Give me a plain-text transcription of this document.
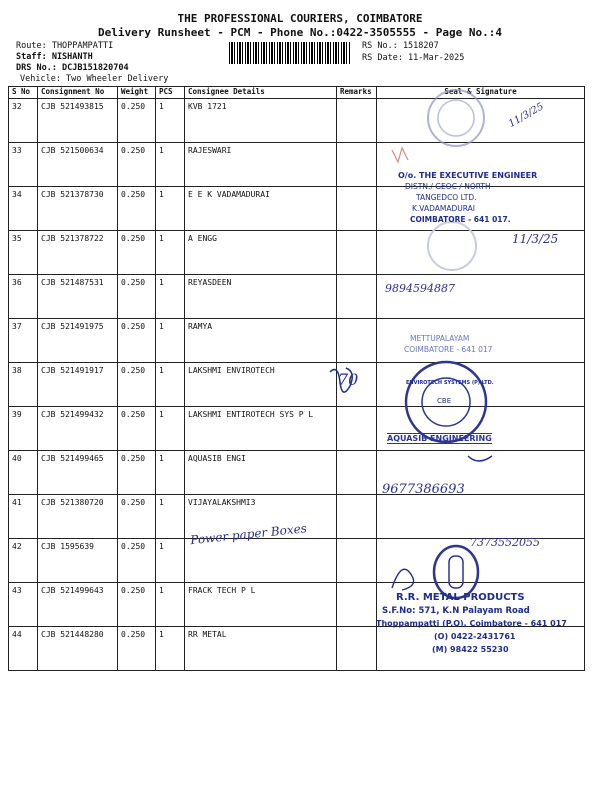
THE PROFESSIONAL COURIERS, COIMBATORE
Delivery Runsheet - PCM - Phone No.:0422-3505555 - Page No.:4
Route: THOPPAMPATTI
Staff: NISHANTH
DRS No.: DCJB151820704
Vehicle: Two Wheeler Delivery
RS No.: 1518207
RS Date: 11-Mar-2025
S No	Consignment No	Weight	PCS	Consignee Details	Remarks	Seal & Signature
32	CJB 521493815	0.250	1	KVB 1721		
33	CJB 521500634	0.250	1	RAJESWARI		
34	CJB 521378730	0.250	1	E E K VADAMADURAI		
35	CJB 521378722	0.250	1	A ENGG		
36	CJB 521487531	0.250	1	REYASDEEN		
37	CJB 521491975	0.250	1	RAMYA		
38	CJB 521491917	0.250	1	LAKSHMI ENVIROTECH		
39	CJB 521499432	0.250	1	LAKSHMI ENTIROTECH SYS P L		
40	CJB 521499465	0.250	1	AQUASIB ENGI		
41	CJB 521380720	0.250	1	VIJAYALAKSHMI3		
42	CJB 1595639	0.250	1			
43	CJB 521499643	0.250	1	FRACK TECH P L		
44	CJB 521448280	0.250	1	RR METAL		
O/o. THE EXECUTIVE ENGINEER
DISTN./ GEOC / NORTH
TANGEDCO LTD.
K.VADAMADURAI
COIMBATORE - 641 017.
METTUPALAYAM
COIMBATORE - 641 017
ENVIROTECH SYSTEMS (P) LTD.
CBE
AQUASIB ENGINEERING
R.R. METAL PRODUCTS
S.F.No: 571, K.N Palayam Road
Thoppampatti (P.O), Coimbatore - 641 017
(O) 0422-2431761
(M) 98422 55230
11/3/25
11/3/25
9894594887
70
9677386693
Power paper Boxes	7373552055
